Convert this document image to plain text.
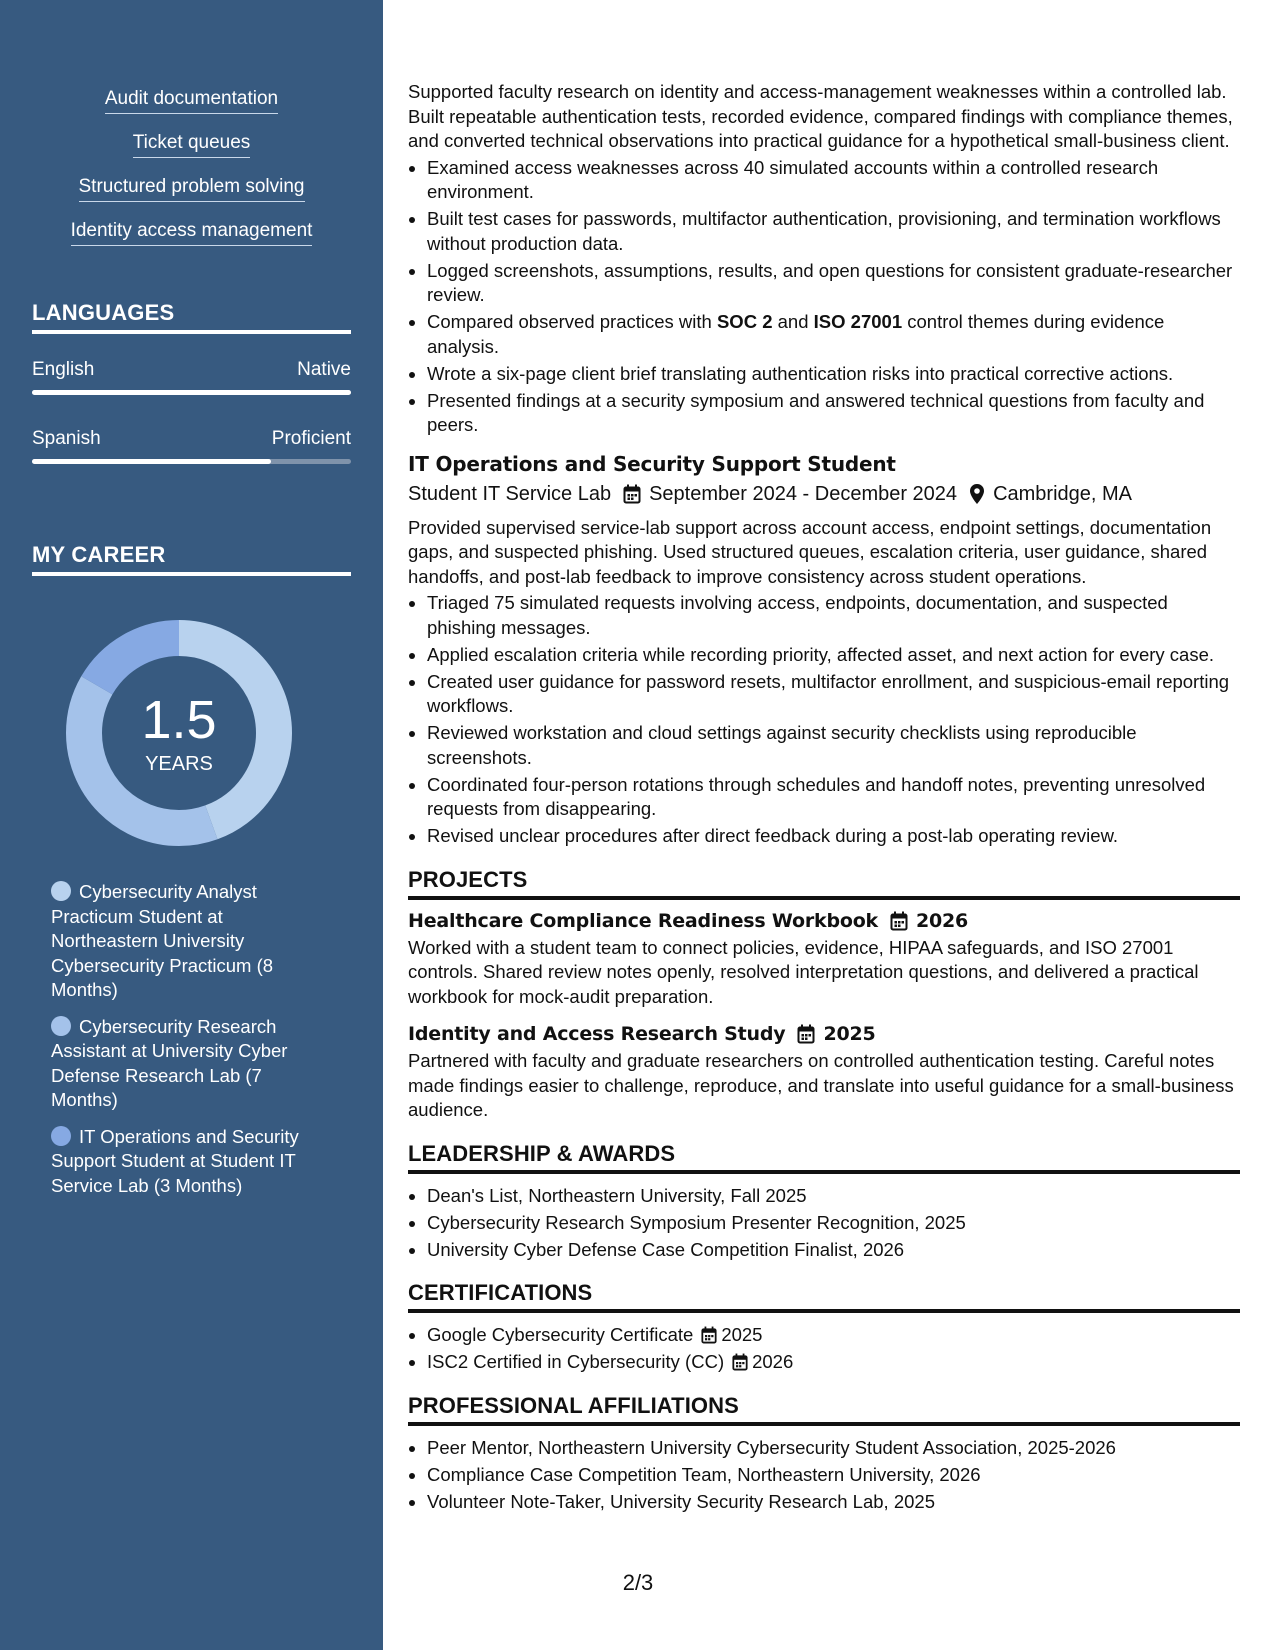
Audit documentation
Ticket queues
Structured problem solving
Identity access management
LANGUAGES
English	Native
Spanish	Proficient
MY CAREER
1.5
YEARS
Cybersecurity Analyst Practicum Student at Northeastern University Cybersecurity Practicum (8 Months)
Cybersecurity Research Assistant at University Cyber Defense Research Lab (7 Months)
IT Operations and Security Support Student at Student IT Service Lab (3 Months)

Supported faculty research on identity and access-management weaknesses within a controlled lab. Built repeatable authentication tests, recorded evidence, compared findings with compliance themes, and converted technical observations into practical guidance for a hypothetical small-business client.

• Examined access weaknesses across 40 simulated accounts within a controlled research environment.
• Built test cases for passwords, multifactor authentication, provisioning, and termination workflows without production data.
• Logged screenshots, assumptions, results, and open questions for consistent graduate-researcher review.
• Compared observed practices with SOC 2 and ISO 27001 control themes during evidence analysis.
• Wrote a six-page client brief translating authentication risks into practical corrective actions.
• Presented findings at a security symposium and answered technical questions from faculty and peers.
IT Operations and Security Support Student
Student IT Service Lab September 2024 - December 2024 Cambridge, MA

Provided supervised service-lab support across account access, endpoint settings, documentation gaps, and suspected phishing. Used structured queues, escalation criteria, user guidance, shared handoffs, and post-lab feedback to improve consistency across student operations.

• Triaged 75 simulated requests involving access, endpoints, documentation, and suspected phishing messages.
• Applied escalation criteria while recording priority, affected asset, and next action for every case.
• Created user guidance for password resets, multifactor enrollment, and suspicious-email reporting workflows.
• Reviewed workstation and cloud settings against security checklists using reproducible screenshots.
• Coordinated four-person rotations through schedules and handoff notes, preventing unresolved requests from disappearing.
• Revised unclear procedures after direct feedback during a post-lab operating review.
PROJECTS
Healthcare Compliance Readiness Workbook 2026

Worked with a student team to connect policies, evidence, HIPAA safeguards, and ISO 27001 controls. Shared review notes openly, resolved interpretation questions, and delivered a practical workbook for mock-audit preparation.

Identity and Access Research Study 2025

Partnered with faculty and graduate researchers on controlled authentication testing. Careful notes made findings easier to challenge, reproduce, and translate into useful guidance for a small-business audience.

LEADERSHIP & AWARDS
• Dean's List, Northeastern University, Fall 2025
• Cybersecurity Research Symposium Presenter Recognition, 2025
• University Cyber Defense Case Competition Finalist, 2026
CERTIFICATIONS
• Google Cybersecurity Certificate 2025
• ISC2 Certified in Cybersecurity (CC) 2026
PROFESSIONAL AFFILIATIONS
• Peer Mentor, Northeastern University Cybersecurity Student Association, 2025-2026
• Compliance Case Competition Team, Northeastern University, 2026
• Volunteer Note-Taker, University Security Research Lab, 2025
2/3
